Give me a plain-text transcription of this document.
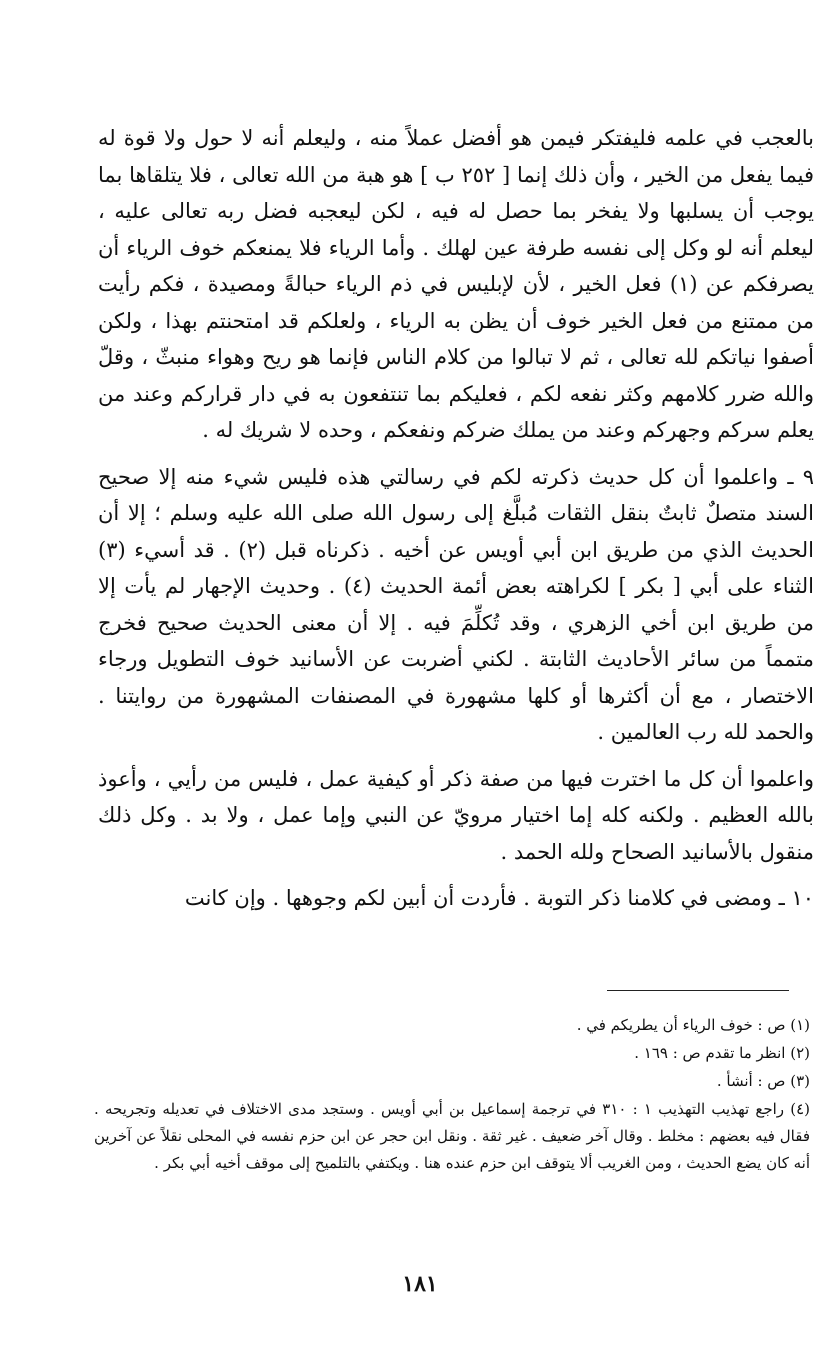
بالعجب في علمه فليفتكر فيمن هو أفضل عملاً منه ، وليعلم أنه لا حول ولا قوة له فيما يفعل من الخير ، وأن ذلك إنما [ ٢٥٢ ب ] هو هبة من الله تعالى ، فلا يتلقاها بما يوجب أن يسلبها ولا يفخر بما حصل له فيه ، لكن ليعجبه فضل ربه تعالى عليه ، ليعلم أنه لو وكل إلى نفسه طرفة عين لهلك . وأما الرياء فلا يمنعكم خوف الرياء أن يصرفكم عن (١) فعل الخير ، لأن لإبليس في ذم الرياء حبالةً ومصيدة ، فكم رأيت من ممتنع من فعل الخير خوف أن يظن به الرياء ، ولعلكم قد امتحنتم بهذا ، ولكن أصفوا نياتكم لله تعالى ، ثم لا تبالوا من كلام الناس فإنما هو ريح وهواء منبثّ ، وقلّ والله ضرر كلامهم وكثر نفعه لكم ، فعليكم بما تنتفعون به في دار قراركم وعند من يعلم سركم وجهركم وعند من يملك ضركم ونفعكم ، وحده لا شريك له .

٩ ـ واعلموا أن كل حديث ذكرته لكم في رسالتي هذه فليس شيء منه إلا صحيح السند متصلٌ ثابتٌ بنقل الثقات مُبلَّغ إلى رسول الله صلى الله عليه وسلم ؛ إلا أن الحديث الذي من طريق ابن أبي أويس عن أخيه . ذكرناه قبل (٢) . قد أسيء (٣) الثناء على أبي [ بكر ] لكراهته بعض أئمة الحديث (٤) . وحديث الإجهار لم يأت إلا من طريق ابن أخي الزهري ، وقد تُكلِّمَ فيه . إلا أن معنى الحديث صحيح فخرج متمماً من سائر الأحاديث الثابتة . لكني أضربت عن الأسانيد خوف التطويل ورجاء الاختصار ، مع أن أكثرها أو كلها مشهورة في المصنفات المشهورة من روايتنا . والحمد لله رب العالمين .

واعلموا أن كل ما اخترت فيها من صفة ذكر أو كيفية عمل ، فليس من رأيي ، وأعوذ بالله العظيم . ولكنه كله إما اختيار مرويّ عن النبي وإما عمل ، ولا بد . وكل ذلك منقول بالأسانيد الصحاح ولله الحمد .

١٠ ـ ومضى في كلامنا ذكر التوبة . فأردت أن أبين لكم وجوهها . وإن كانت

(١) ص : خوف الرياء أن يطريكم في .
(٢) انظر ما تقدم ص : ١٦٩ .
(٣) ص : أنشأ .
(٤) راجع تهذيب التهذيب ١ : ٣١٠ في ترجمة إسماعيل بن أبي أويس . وستجد مدى الاختلاف في تعديله وتجريحه . فقال فيه بعضهم : مخلط . وقال آخر ضعيف . غير ثقة . ونقل ابن حجر عن ابن حزم نفسه في المحلى نقلاً عن آخرين أنه كان يضع الحديث ، ومن الغريب ألا يتوقف ابن حزم عنده هنا . ويكتفي بالتلميح إلى موقف أخيه أبي بكر .
١٨١
